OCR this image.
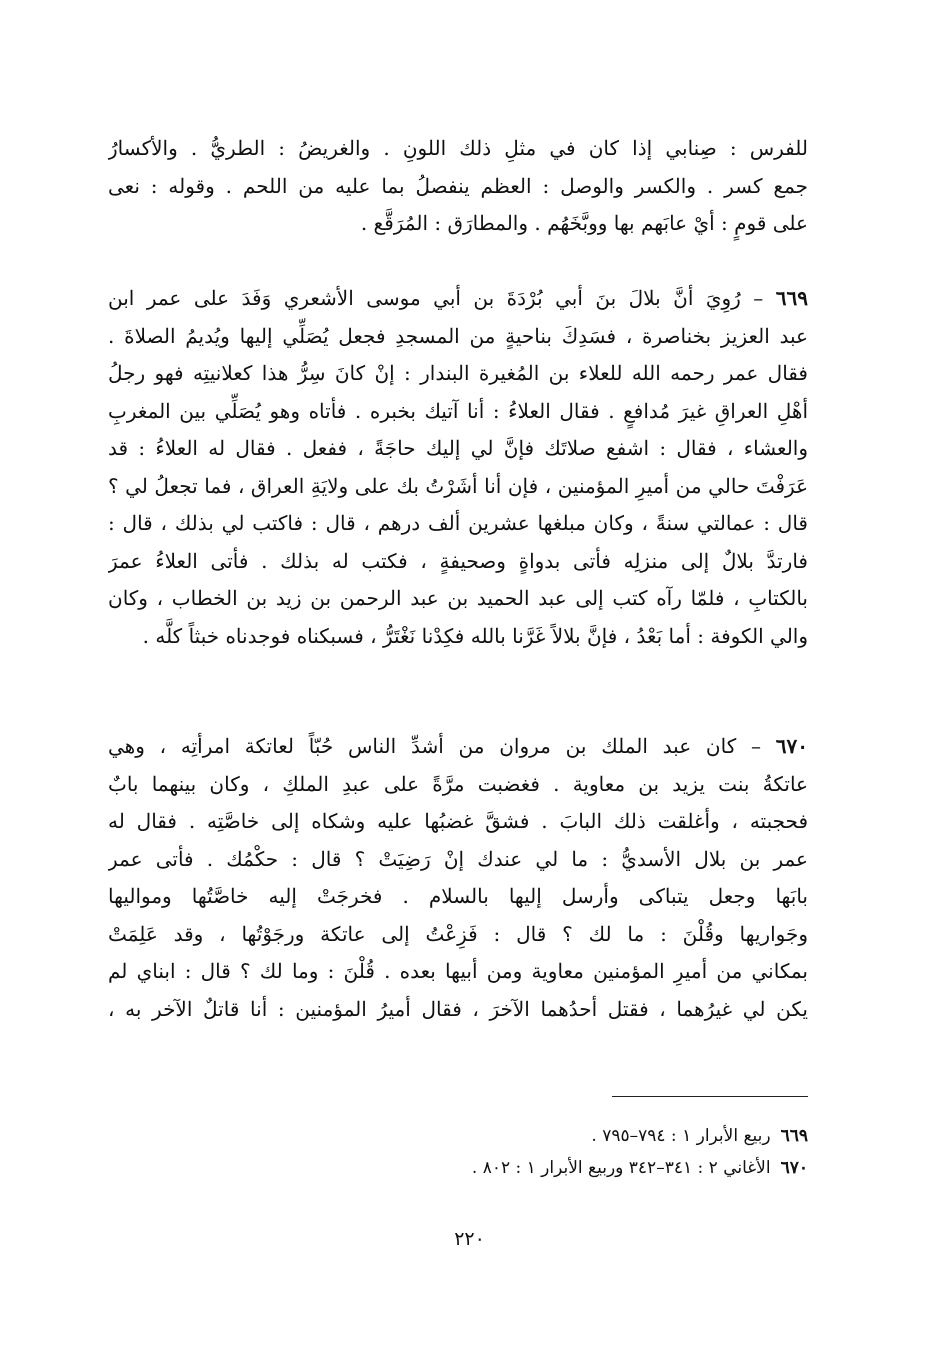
للفرس : صِنابي إذا كان في مثلِ ذلك اللونِ . والغريضُ : الطريُّ . والأكسارُ
جمع كسر . والكسر والوصل : العظم ينفصلُ بما عليه من اللحم . وقوله : نعى
على قومٍ : أيْ عابَهم بها ووبَّخَهُم . والمطارَق : المُرَقَّع .
٦٦٩ – رُوِيَ أنَّ بلالَ بنَ أبي بُرْدَةَ بن أبي موسى الأشعري وَفَدَ على عمر ابن
عبد العزيز بخناصرة ، فسَدِكَ بناحيةٍ من المسجدِ فجعل يُصَلِّي إليها ويُديمُ الصلاةَ .
فقال عمر رحمه الله للعلاء بن المُغيرة البندار : إنْ كانَ سِرُّ هذا كعلانيتِه فهو رجلُ
أهْلِ العراقِ غيرَ مُدافعٍ . فقال العلاءُ : أنا آتيك بخبره . فأتاه وهو يُصَلِّي بين المغربِ
والعشاء ، فقال : اشفع صلاتَك فإنَّ لي إليك حاجَةً ، ففعل . فقال له العلاءُ : قد
عَرَفْتَ حالي من أميرِ المؤمنين ، فإن أنا أشَرْتُ بك على ولايَةِ العراق ، فما تجعلُ لي ؟
قال : عمالتي سنةً ، وكان مبلغها عشرين ألف درهم ، قال : فاكتب لي بذلك ، قال :
فارتدَّ بلالٌ إلى منزلِه فأتى بدواةٍ وصحيفةٍ ، فكتب له بذلك . فأتى العلاءُ عمرَ
بالكتابِ ، فلمّا رآه كتب إلى عبد الحميد بن عبد الرحمن بن زيد بن الخطاب ، وكان
والي الكوفة : أما بَعْدُ ، فإنَّ بلالاً غَرَّنا بالله فكِدْنا نَغْتَرُّ ، فسبكناه فوجدناه خبثاً كلَّه .
٦٧٠ – كان عبد الملك بن مروان من أشدِّ الناس حُبّاً لعاتكة امرأتِه ، وهي
عاتكةُ بنت يزيد بن معاوية . فغضبت مرَّةً على عبدِ الملكِ ، وكان بينهما بابٌ
فحجبته ، وأغلقت ذلك البابَ . فشقَّ غضبُها عليه وشكاه إلى خاصَّتِه . فقال له
عمر بن بلال الأسديُّ : ما لي عندك إنْ رَضِيَتْ ؟ قال : حكْمُك . فأتى عمر
بابَها وجعل يتباكى وأرسل إليها بالسلام . فخرجَتْ إليه خاصَّتُها ومواليها
وجَواريها وقُلْنَ : ما لك ؟ قال : فَزِعْتُ إلى عاتكة ورجَوْتُها ، وقد عَلِمَتْ
بمكاني من أميرِ المؤمنين معاوية ومن أبيها بعده . قُلْنَ : وما لك ؟ قال : ابناي لم
يكن لي غيرُهما ، فقتل أحدُهما الآخرَ ، فقال أميرُ المؤمنين : أنا قاتلٌ الآخر به ،
٦٦٩ربيع الأبرار ١ : ٧٩٤–٧٩٥ .
٦٧٠الأغاني ٢ : ٣٤١–٣٤٢ وربيع الأبرار ١ : ٨٠٢ .
٢٢٠
